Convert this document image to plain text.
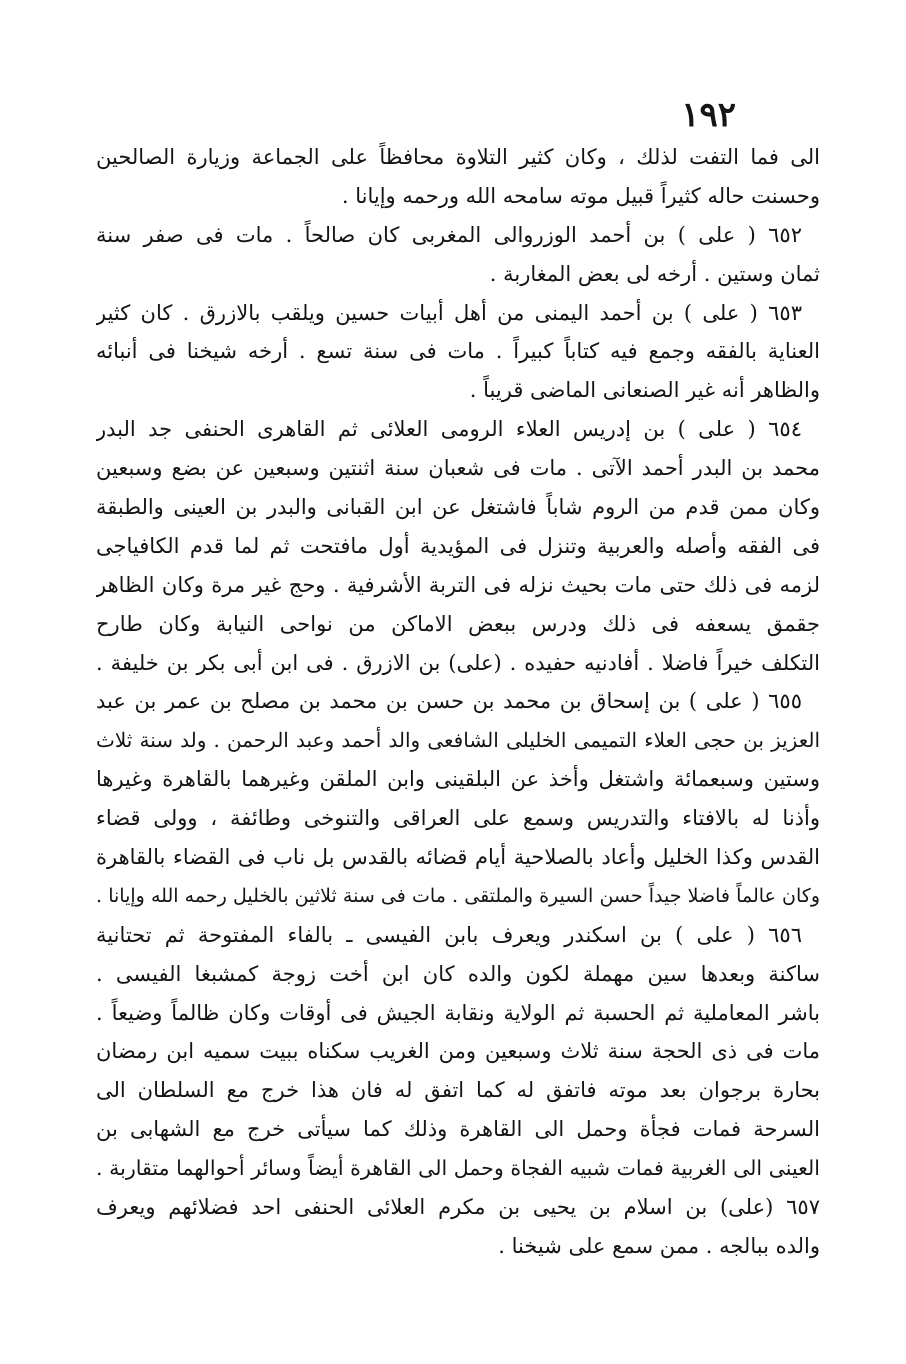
١٩٢
الى فما التفت لذلك ، وكان كثير التلاوة محافظاً على الجماعة وزيارة الصالحين
وحسنت حاله كثيراً قبيل موته سامحه الله ورحمه وإيانا .
٦٥٢ ( على ) بن أحمد الوزروالى المغربى كان صالحاً . مات فى صفر سنة
ثمان وستين . أرخه لى بعض المغاربة .
٦٥٣ ( على ) بن أحمد اليمنى من أهل أبيات حسين ويلقب بالازرق . كان كثير
العناية بالفقه وجمع فيه كتاباً كبيراً . مات فى سنة تسع . أرخه شيخنا فى أنبائه
والظاهر أنه غير الصنعانى الماضى قريباً .
٦٥٤ ( على ) بن إدريس العلاء الرومى العلائى ثم القاهرى الحنفى جد البدر
محمد بن البدر أحمد الآتى . مات فى شعبان سنة اثنتين وسبعين عن بضع وسبعين
وكان ممن قدم من الروم شاباً فاشتغل عن ابن القبانى والبدر بن العينى والطبقة
فى الفقه وأصله والعربية وتنزل فى المؤيدية أول مافتحت ثم لما قدم الكافياجى
لزمه فى ذلك حتى مات بحيث نزله فى التربة الأشرفية . وحج غير مرة وكان الظاهر
جقمق يسعفه فى ذلك ودرس ببعض الاماكن من نواحى النيابة وكان طارح
التكلف خيراً فاضلا . أفادنيه حفيده . (على) بن الازرق . فى ابن أبى بكر بن خليفة .
٦٥٥ ( على ) بن إسحاق بن محمد بن حسن بن محمد بن مصلح بن عمر بن عبد
العزيز بن حجى العلاء التميمى الخليلى الشافعى والد أحمد وعبد الرحمن . ولد سنة ثلاث
وستين وسبعمائة واشتغل وأخذ عن البلقينى وابن الملقن وغيرهما بالقاهرة وغيرها
وأذنا له بالافتاء والتدريس وسمع على العراقى والتنوخى وطائفة ، وولى قضاء
القدس وكذا الخليل وأعاد بالصلاحية أيام قضائه بالقدس بل ناب فى القضاء بالقاهرة
وكان عالماً فاضلا جيداً حسن السيرة والملتقى . مات فى سنة ثلاثين بالخليل رحمه الله وإيانا .
٦٥٦ ( على ) بن اسكندر ويعرف بابن الفيسى ـ بالفاء المفتوحة ثم تحتانية
ساكنة وبعدها سين مهملة لكون والده كان ابن أخت زوجة كمشبغا الفيسى .
باشر المعاملية ثم الحسبة ثم الولاية ونقابة الجيش فى أوقات وكان ظالماً وضيعاً .
مات فى ذى الحجة سنة ثلاث وسبعين ومن الغريب سكناه ببيت سميه ابن رمضان
بحارة برجوان بعد موته فاتفق له كما اتفق له فان هذا خرج مع السلطان الى
السرحة فمات فجأة وحمل الى القاهرة وذلك كما سيأتى خرج مع الشهابى بن
العينى الى الغربية فمات شبيه الفجاة وحمل الى القاهرة أيضاً وسائر أحوالهما متقاربة .
٦٥٧ (على) بن اسلام بن يحيى بن مكرم العلائى الحنفى احد فضلائهم ويعرف
والده ببالجه . ممن سمع على شيخنا .
